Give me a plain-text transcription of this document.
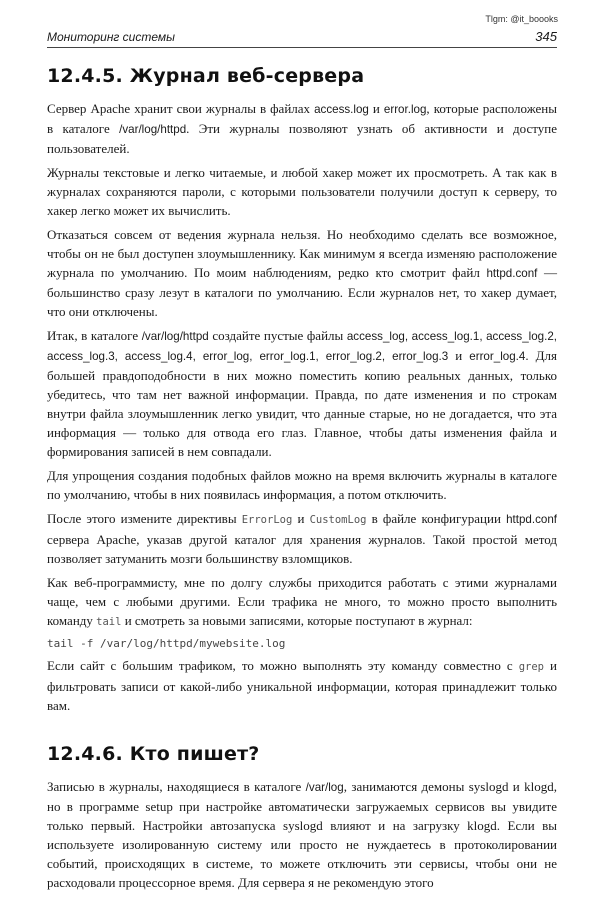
Tlgm: @it_boooks
Мониторинг системы	345
12.4.5. Журнал веб-сервера

Сервер Apache хранит свои журналы в файлах access.log и error.log, которые расположены в каталоге /var/log/httpd. Эти журналы позволяют узнать об активности и доступе пользователей.

Журналы текстовые и легко читаемые, и любой хакер может их просмотреть. А так как в журналах сохраняются пароли, с которыми пользователи получили доступ к серверу, то хакер легко может их вычислить.

Отказаться совсем от ведения журнала нельзя. Но необходимо сделать все возможное, чтобы он не был доступен злоумышленнику. Как минимум я всегда изменяю расположение журнала по умолчанию. По моим наблюдениям, редко кто смотрит файл httpd.conf — большинство сразу лезут в каталоги по умолчанию. Если журналов нет, то хакер думает, что они отключены.

Итак, в каталоге /var/log/httpd создайте пустые файлы access_log, access_log.1, access_log.2, access_log.3, access_log.4, error_log, error_log.1, error_log.2, error_log.3 и error_log.4. Для большей правдоподобности в них можно поместить копию реальных данных, только убедитесь, что там нет важной информации. Правда, по дате изменения и по строкам внутри файла злоумышленник легко увидит, что данные старые, но не догадается, что эта информация — только для отвода его глаз. Главное, чтобы даты изменения файла и формирования записей в нем совпадали.

Для упрощения создания подобных файлов можно на время включить журналы в каталоге по умолчанию, чтобы в них появилась информация, а потом отключить.

После этого измените директивы ErrorLog и CustomLog в файле конфигурации httpd.conf сервера Apache, указав другой каталог для хранения журналов. Такой простой метод позволяет затуманить мозги большинству взломщиков.

Как веб-программисту, мне по долгу службы приходится работать с этими журналами чаще, чем с любыми другими. Если трафика не много, то можно просто выполнить команду tail и смотреть за новыми записями, которые поступают в журнал:

tail -f /var/log/httpd/mywebsite.log

Если сайт с большим трафиком, то можно выполнять эту команду совместно с grep и фильтровать записи от какой-либо уникальной информации, которая принадлежит только вам.

12.4.6. Кто пишет?

Записью в журналы, находящиеся в каталоге /var/log, занимаются демоны syslogd и klogd, но в программе setup при настройке автоматически загружаемых сервисов вы увидите только первый. Настройки автозапуска syslogd влияют и на загрузку klogd. Если вы используете изолированную систему или просто не нуждаетесь в протоколировании событий, происходящих в системе, то можете отключить эти сервисы, чтобы они не расходовали процессорное время. Для сервера я не рекомендую этого
